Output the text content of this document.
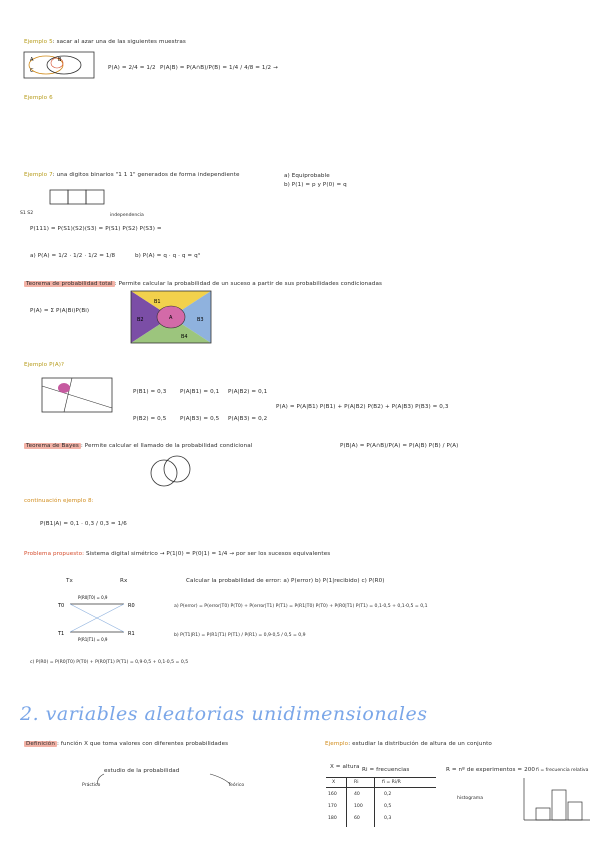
Ejemplo 5: sacar al azar una de las siguientes muestras
A	B
C	P(A) = 2/4 = 1/2 P(A|B) = P(A∩B)/P(B) = 1/4 / 4/8 = 1/2 →
Ejemplo 6
Ejemplo 7: una digitos binarios "1 1 1" generados de forma independiente	a) Equiprobable
b) P(1) = p y P(0) = q
S1 S2	independencia
P(111) = P(S1)(S2)(S3) = P(S1) P(S2) P(S3) =
a) P(A) = 1/2 · 1/2 · 1/2 = 1/8	b) P(A) = q · q · q = q³
Teorema de probabilidad total : Permite calcular la probabilidad de un suceso a partir de sus probabilidades condicionadas
P(A) = Σ P(A|Bi)P(Bi)
B1
B2	B3
B4
A
Ejemplo P(A)?
P(B1) = 0,3 P(A|B1) = 0,1 P(A|B2) = 0,1
P(B2) = 0,5 P(A|B3) = 0,5 P(A|B3) = 0,2
P(A) = P(A|B1) P(B1) + P(A|B2) P(B2) + P(A|B3) P(B3) = 0,3
Teorema de Bayes : Permite calcular el llamado de la probabilidad condicional	P(B|A) = P(A∩B)/P(A) = P(A|B) P(B) / P(A)
continuación ejemplo 8:
P(B1|A) = 0,1 · 0,3 / 0,3 = 1/6
Problema propuesto: Sistema digital simétrico → P(1|0) = P(0|1) = 1/4 → por ser los sucesos equivalentes
Calcular la probabilidad de error: a) P(error) b) P(1|recibido) c) P(R0)
Tx	Rx
T0
T1
R0
R1
P(R0|T0) = 0,9
P(R1|T1) = 0,9
a) P(error) = P(error|T0) P(T0) + P(error|T1) P(T1) = P(R1|T0) P(T0) + P(R0|T1) P(T1) = 0,1·0,5 + 0,1·0,5 = 0,1
b) P(T1|R1) = P(R1|T1) P(T1) / P(R1) = 0,9·0,5 / 0,5 = 0,9
c) P(R0) = P(R0|T0) P(T0) + P(R0|T1) P(T1) = 0,9·0,5 + 0,1·0,5 = 0,5
2. variables aleatorias unidimensionales
Definición : función X que toma valores con diferentes probabilidades
estudio de la probabilidad
Práctico	Teórico
Ejemplo: estudiar la distribución de altura de un conjunto
X = altura Ri = frecuencias	R = nº de experimentos = 200 fi = frecuencia relativa
X	Ri	fi = Ri/R
160	40	0,2
170	100	0,5
180	60	0,3
histograma
